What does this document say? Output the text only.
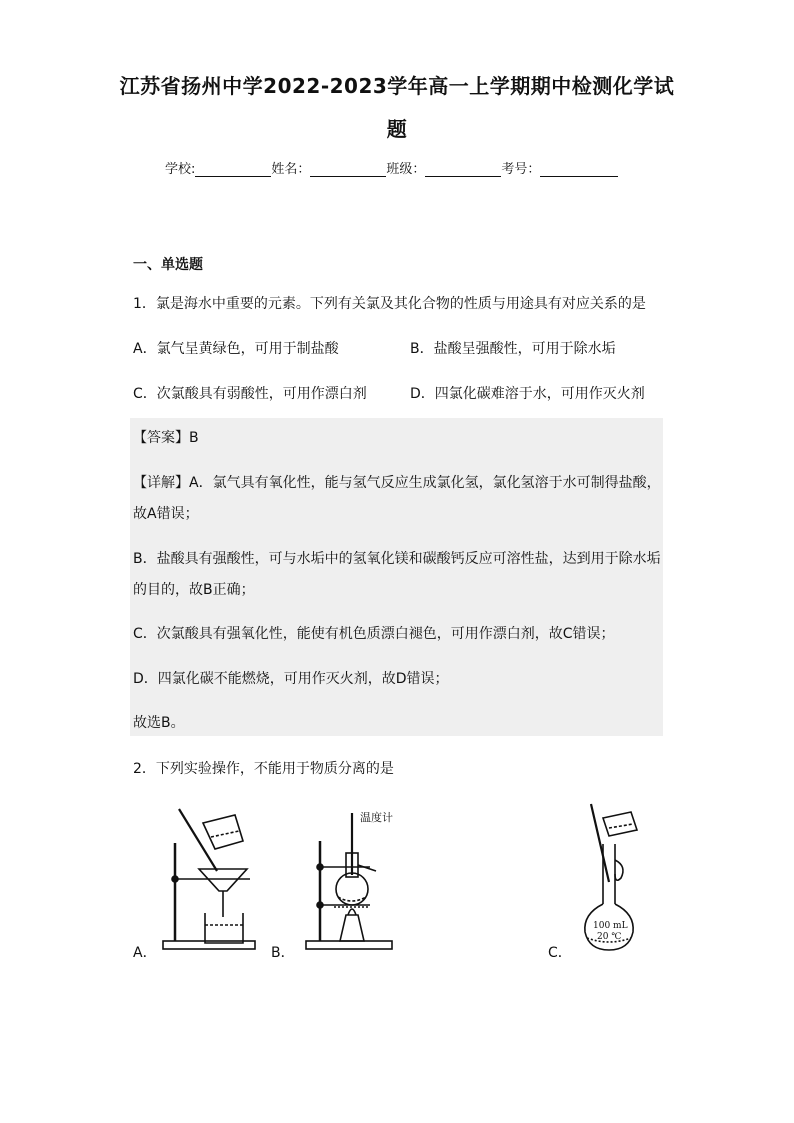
江苏省扬州中学2022-2023学年高一上学期期中检测化学试
题
学校:	姓名：	班级：	考号：
一、单选题
1．氯是海水中重要的元素。下列有关氯及其化合物的性质与用途具有对应关系的是
A．氯气呈黄绿色，可用于制盐酸	B．盐酸呈强酸性，可用于除水垢
C．次氯酸具有弱酸性，可用作漂白剂	D．四氯化碳难溶于水，可用作灭火剂
【答案】B
【详解】A．氯气具有氧化性，能与氢气反应生成氯化氢，氯化氢溶于水可制得盐酸，
故A错误；
B．盐酸具有强酸性，可与水垢中的氢氧化镁和碳酸钙反应可溶性盐，达到用于除水垢
的目的，故B正确；
C．次氯酸具有强氧化性，能使有机色质漂白褪色，可用作漂白剂，故C错误；
D．四氯化碳不能燃烧，可用作灭火剂，故D错误；
故选B。
2．下列实验操作，不能用于物质分离的是
A．	B．
温度计
C．
100 mL
20 ℃
